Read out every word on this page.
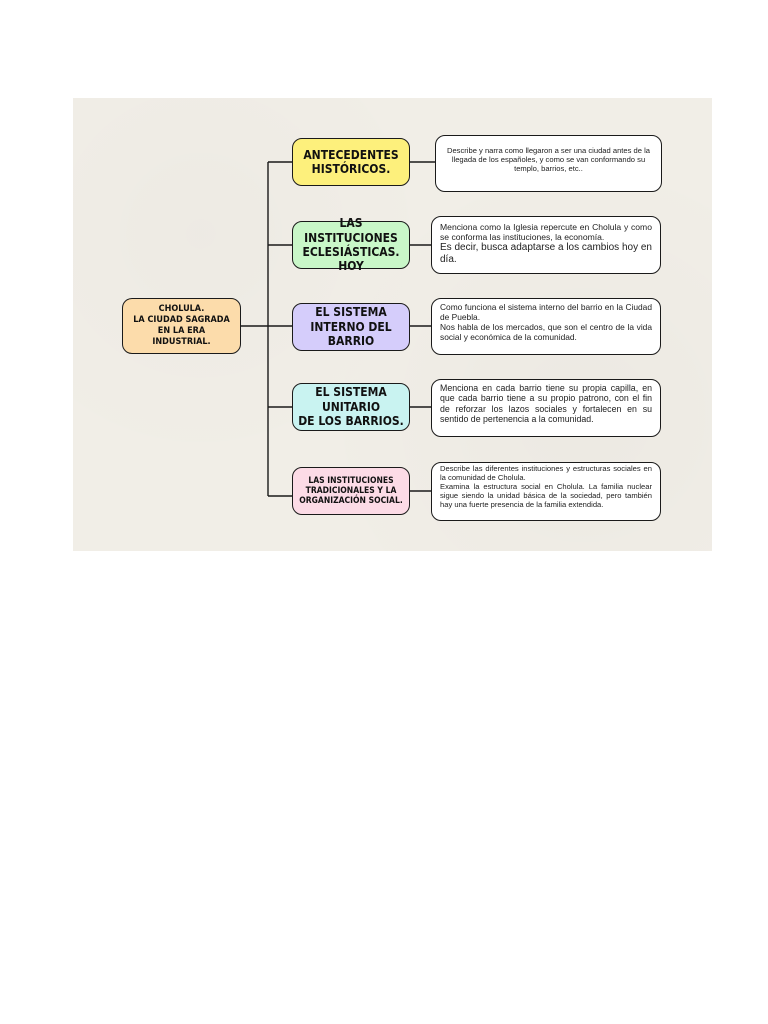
CHOLULA.
LA CIUDAD SAGRADA
EN LA ERA
INDUSTRIAL.
ANTECEDENTES
HISTÓRICOS.

Describe y narra como llegaron a ser una ciudad antes de la llegada de los españoles, y como se van conformando su templo, barrios, etc..

LAS INSTITUCIONES
ECLESIÁSTICAS. HOY

Menciona como la Iglesia repercute en Cholula y como se conforma las instituciones, la economía.

Es decir, busca adaptarse a los cambios hoy en día.

EL SISTEMA
INTERNO DEL BARRIO

Como funciona el sistema interno del barrio en la Ciudad de Puebla.

Nos habla de los mercados, que son el centro de la vida social y económica de la comunidad.

EL SISTEMA UNITARIO
DE LOS BARRIOS.

Menciona en cada barrio tiene su propia capilla, en que cada barrio tiene a su propio patrono, con el fin de reforzar los lazos sociales y fortalecen en su sentido de pertenencia a la comunidad.

LAS INSTITUCIONES
TRADICIONALES Y LA
ORGANIZACIÓN SOCIAL.

Describe las diferentes instituciones y estructuras sociales en la comunidad de Cholula.

Examina la estructura social en Cholula. La familia nuclear sigue siendo la unidad básica de la sociedad, pero también hay una fuerte presencia de la familia extendida.
